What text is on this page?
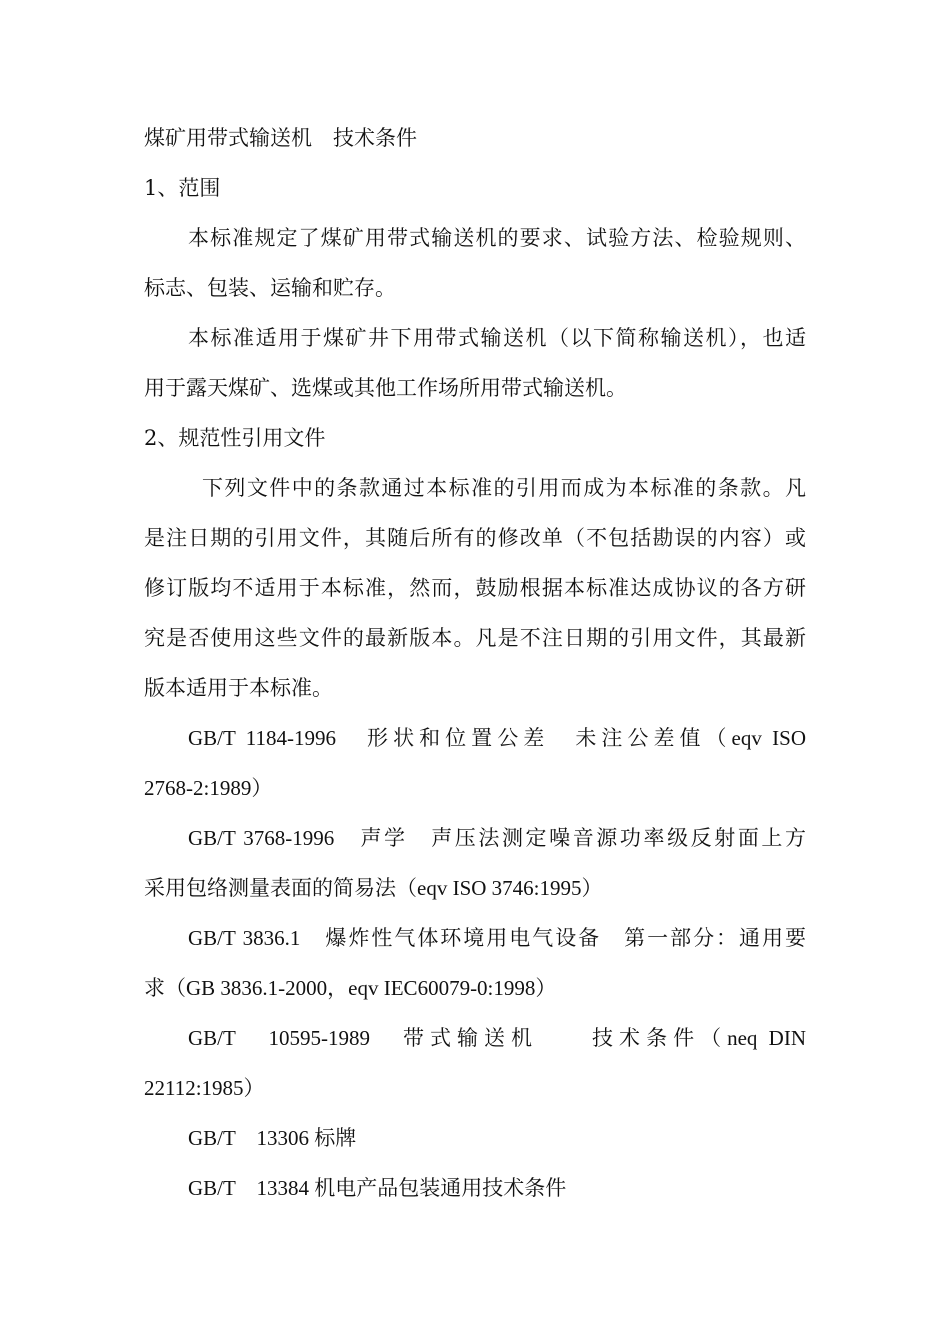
煤矿用带式输送机　技术条件
1、范围
本标准规定了煤矿用带式输送机的要求、试验方法、检验规则、
标志、包装、运输和贮存。
本标准适用于煤矿井下用带式输送机（以下简称输送机），也适
用于露天煤矿、选煤或其他工作场所用带式输送机。
2、规范性引用文件
下列文件中的条款通过本标准的引用而成为本标准的条款。凡
是注日期的引用文件，其随后所有的修改单（不包括勘误的内容）或
修订版均不适用于本标准，然而，鼓励根据本标准达成协议的各方研
究是否使用这些文件的最新版本。凡是不注日期的引用文件，其最新
版本适用于本标准。
GB/T 1184-1996　形状和位置公差　未注公差值（eqv ISO
2768-2:1989）
GB/T 3768-1996　声学　声压法测定噪音源功率级反射面上方
采用包络测量表面的简易法（eqv ISO 3746:1995）
GB/T 3836.1　爆炸性气体环境用电气设备　第一部分：通用要
求（GB 3836.1-2000，eqv IEC60079-0:1998）
GB/T　10595-1989　带式输送机　　技术条件（neq DIN
22112:1985）
GB/T　13306 标牌
GB/T　13384 机电产品包装通用技术条件
